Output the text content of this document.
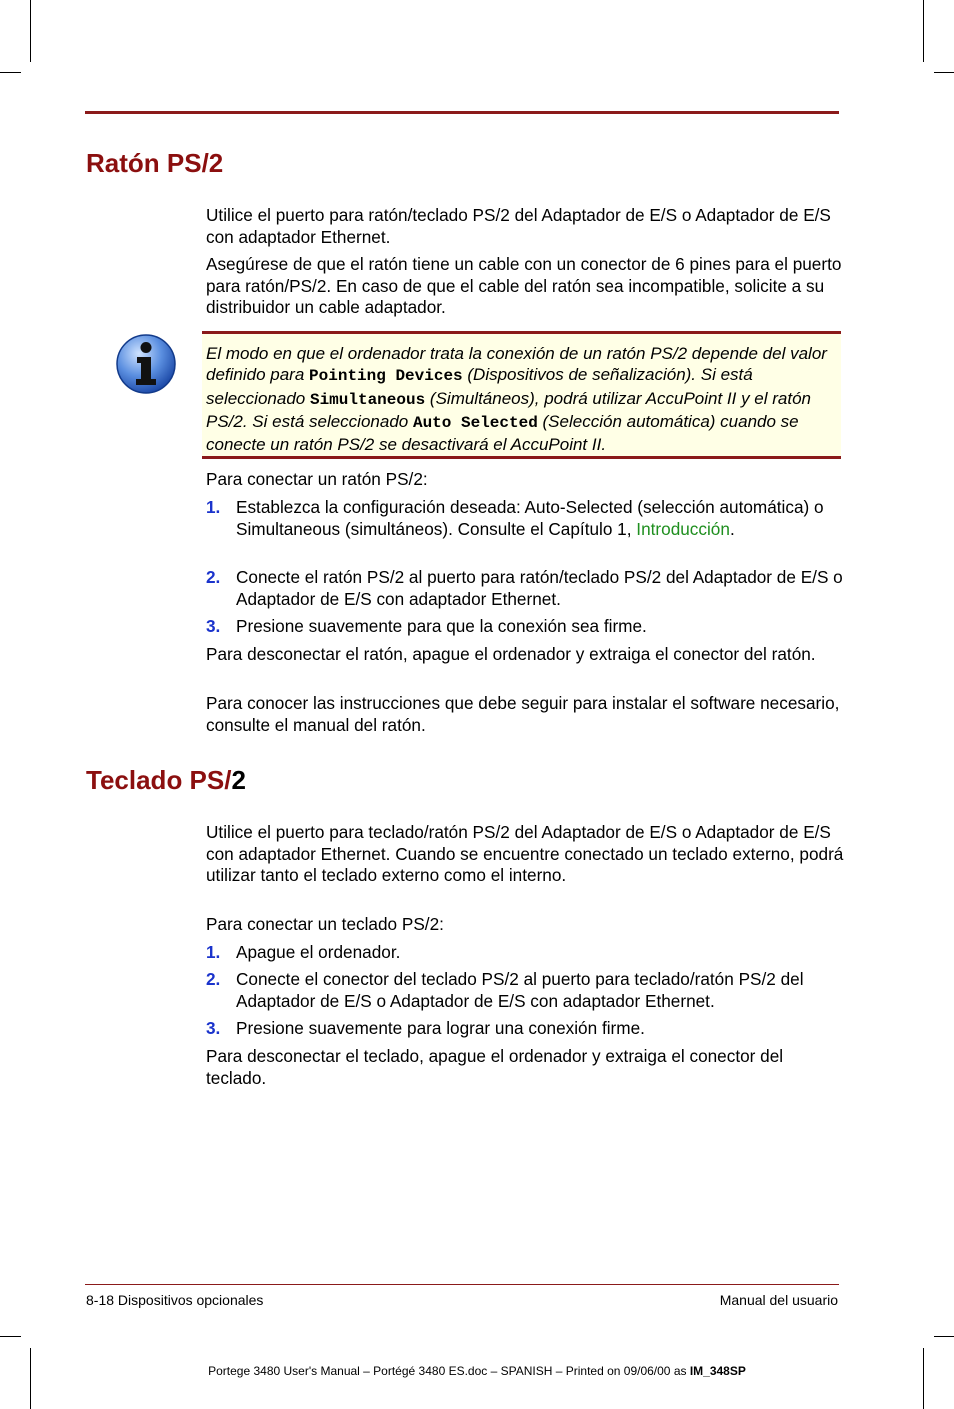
Ratón PS/2

Utilice el puerto para ratón/teclado PS/2 del Adaptador de E/S o Adaptador de E/S con adaptador Ethernet.

Asegúrese de que el ratón tiene un cable con un conector de 6 pines para el puerto para ratón/PS/2. En caso de que el cable del ratón sea incompatible, solicite a su distribuidor un cable adaptador.

El modo en que el ordenador trata la conexión de un ratón PS/2 depende del valor definido para Pointing Devices (Dispositivos de señalización). Si está seleccionado Simultaneous (Simultáneos), podrá utilizar AccuPoint II y el ratón PS/2. Si está seleccionado Auto Selected (Selección automática) cuando se conecte un ratón PS/2 se desactivará el AccuPoint II.

Para conectar un ratón PS/2:

1. Establezca la configuración deseada: Auto-Selected (selección automática) o Simultaneous (simultáneos). Consulte el Capítulo 1, Introducción.
2. Conecte el ratón PS/2 al puerto para ratón/teclado PS/2 del Adaptador de E/S o Adaptador de E/S con adaptador Ethernet.
3. Presione suavemente para que la conexión sea firme.

Para desconectar el ratón, apague el ordenador y extraiga el conector del ratón.

Para conocer las instrucciones que debe seguir para instalar el software necesario, consulte el manual del ratón.

Teclado PS/2

Utilice el puerto para teclado/ratón PS/2 del Adaptador de E/S o Adaptador de E/S con adaptador Ethernet. Cuando se encuentre conectado un teclado externo, podrá utilizar tanto el teclado externo como el interno.

Para conectar un teclado PS/2:

1. Apague el ordenador.
2. Conecte el conector del teclado PS/2 al puerto para teclado/ratón PS/2 del Adaptador de E/S o Adaptador de E/S con adaptador Ethernet.
3. Presione suavemente para lograr una conexión firme.

Para desconectar el teclado, apague el ordenador y extraiga el conector del teclado.

8-18 Dispositivos opcionales	Manual del usuario
Portege 3480 User's Manual – Portégé 3480 ES.doc – SPANISH – Printed on 09/06/00 as IM_348SP
